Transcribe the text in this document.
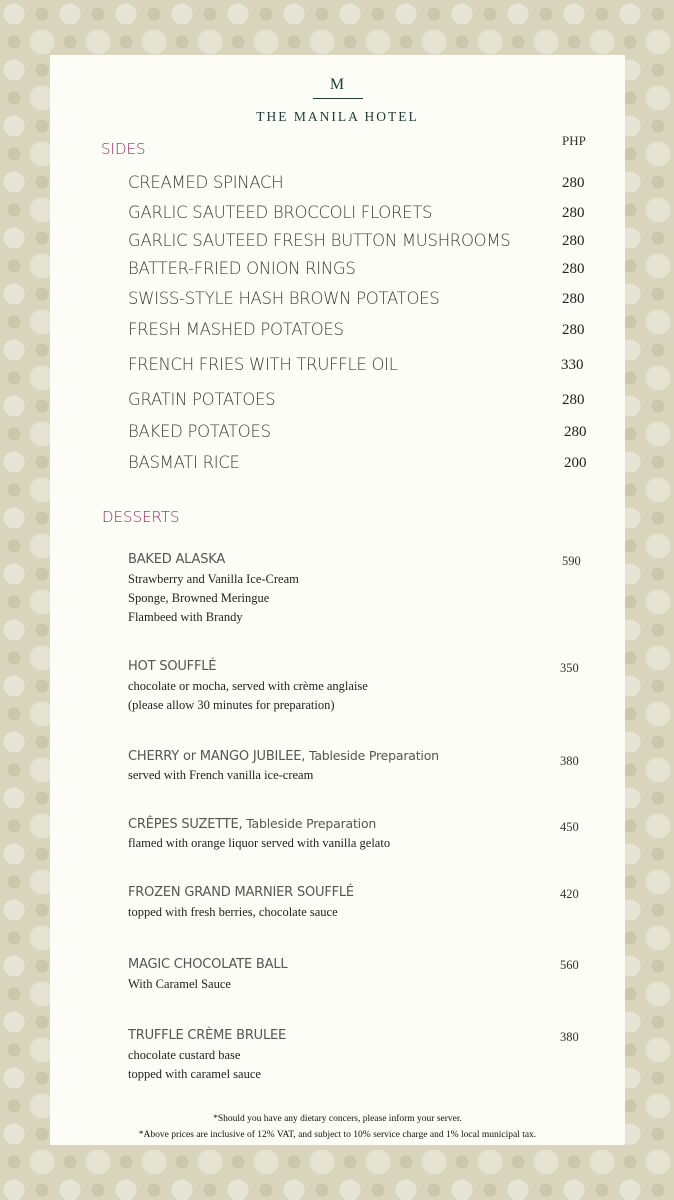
M
THE MANILA HOTEL
SIDES	PHP
CREAMED SPINACH	280
GARLIC SAUTEED BROCCOLI FLORETS	280
GARLIC SAUTEED FRESH BUTTON MUSHROOMS	280
BATTER-FRIED ONION RINGS	280
SWISS-STYLE HASH BROWN POTATOES	280
FRESH MASHED POTATOES	280
FRENCH FRIES WITH TRUFFLE OIL	330
GRATIN POTATOES	280
BAKED POTATOES	280
BASMATI RICE	200
DESSERTS
BAKED ALASKA	590
Strawberry and Vanilla Ice-Cream
Sponge, Browned Meringue
Flambeed with Brandy
HOT SOUFFLÉ	350
chocolate or mocha, served with crème anglaise
(please allow 30 minutes for preparation)
CHERRY or MANGO JUBILEE, Tableside Preparation	380
served with French vanilla ice-cream
CRÊPES SUZETTE, Tableside Preparation	450
flamed with orange liquor served with vanilla gelato
FROZEN GRAND MARNIER SOUFFLÉ	420
topped with fresh berries, chocolate sauce
MAGIC CHOCOLATE BALL	560
With Caramel Sauce
TRUFFLE CRÈME BRULEE	380
chocolate custard base
topped with caramel sauce
*Should you have any dietary concers, please inform your server.
*Above prices are inclusive of 12% VAT, and subject to 10% service charge and 1% local municipal tax.
